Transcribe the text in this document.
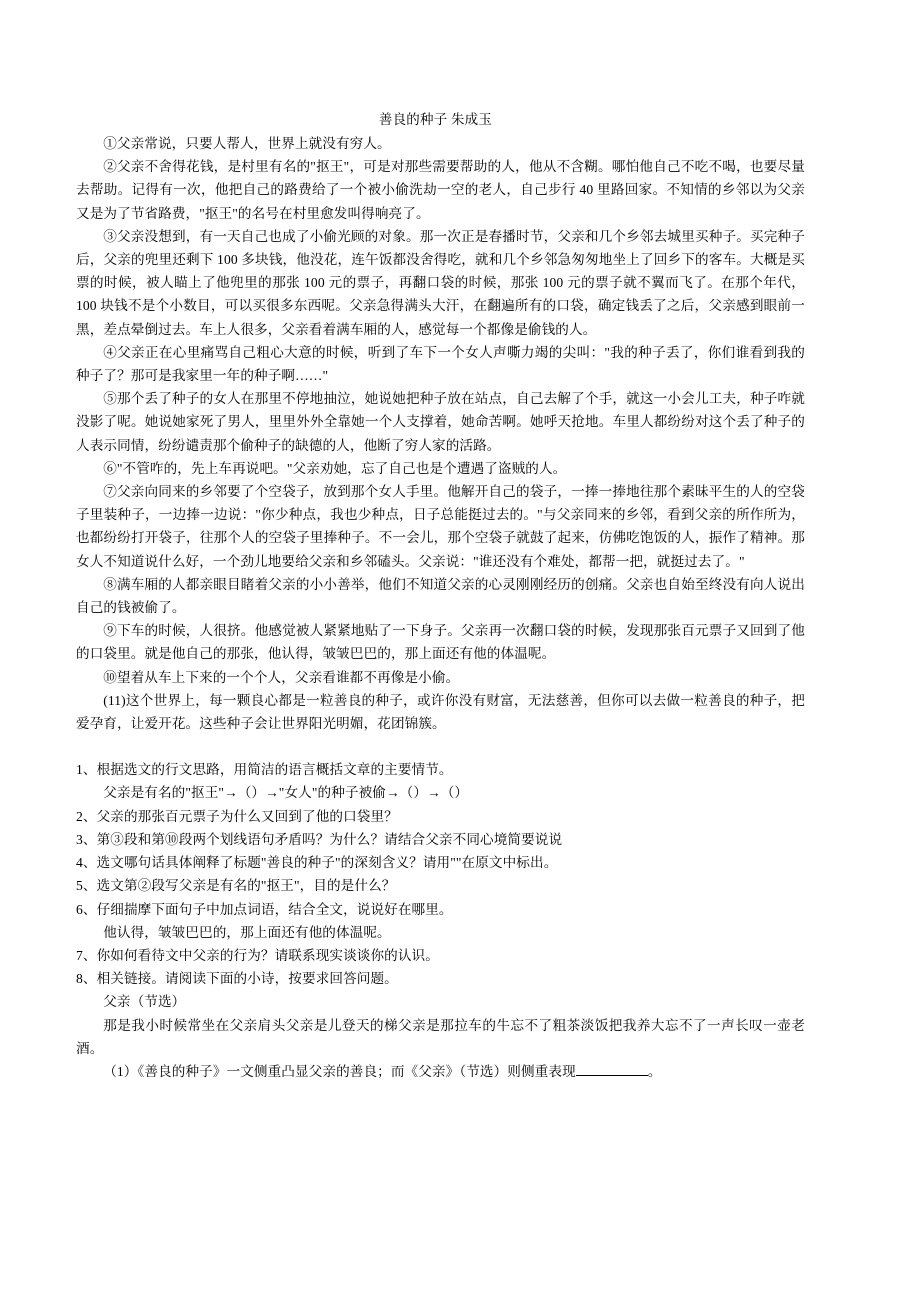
善良的种子 朱成玉

①父亲常说，只要人帮人，世界上就没有穷人。

②父亲不舍得花钱，是村里有名的"抠王"，可是对那些需要帮助的人，他从不含糊。哪怕他自己不吃不喝，也要尽量去帮助。记得有一次，他把自己的路费给了一个被小偷洗劫一空的老人，自己步行 40 里路回家。不知情的乡邻以为父亲又是为了节省路费，"抠王"的名号在村里愈发叫得响亮了。

③父亲没想到，有一天自己也成了小偷光顾的对象。那一次正是春播时节，父亲和几个乡邻去城里买种子。买完种子后，父亲的兜里还剩下 100 多块钱，他没花，连午饭都没舍得吃，就和几个乡邻急匆匆地坐上了回乡下的客车。大概是买票的时候，被人瞄上了他兜里的那张 100 元的票子，再翻口袋的时候，那张 100 元的票子就不翼而飞了。在那个年代，100 块钱不是个小数目，可以买很多东西呢。父亲急得满头大汗，在翻遍所有的口袋，确定钱丢了之后，父亲感到眼前一黑，差点晕倒过去。车上人很多，父亲看着满车厢的人，感觉每一个都像是偷钱的人。

④父亲正在心里痛骂自己粗心大意的时候，听到了车下一个女人声嘶力竭的尖叫："我的种子丢了，你们谁看到我的种子了？那可是我家里一年的种子啊……"

⑤那个丢了种子的女人在那里不停地抽泣，她说她把种子放在站点，自己去解了个手，就这一小会儿工夫，种子咋就没影了呢。她说她家死了男人，里里外外全靠她一个人支撑着，她命苦啊。她呼天抢地。车里人都纷纷对这个丢了种子的人表示同情，纷纷谴责那个偷种子的缺德的人，他断了穷人家的活路。

⑥"不管咋的，先上车再说吧。"父亲劝她，忘了自己也是个遭遇了盗贼的人。

⑦父亲向同来的乡邻要了个空袋子，放到那个女人手里。他解开自己的袋子，一捧一捧地往那个素昧平生的人的空袋子里装种子，一边捧一边说："你少种点，我也少种点，日子总能挺过去的。"与父亲同来的乡邻，看到父亲的所作所为，也都纷纷打开袋子，往那个人的空袋子里捧种子。不一会儿，那个空袋子就鼓了起来，仿佛吃饱饭的人，振作了精神。那女人不知道说什么好，一个劲儿地要给父亲和乡邻磕头。父亲说："谁还没有个难处，都帮一把，就挺过去了。"

⑧满车厢的人都亲眼目睹着父亲的小小善举，他们不知道父亲的心灵刚刚经历的创痛。父亲也自始至终没有向人说出自己的钱被偷了。

⑨下车的时候，人很挤。他感觉被人紧紧地贴了一下身子。父亲再一次翻口袋的时候，发现那张百元票子又回到了他的口袋里。就是他自己的那张，他认得，皱皱巴巴的，那上面还有他的体温呢。

⑩望着从车上下来的一个个人，父亲看谁都不再像是小偷。

(11)这个世界上，每一颗良心都是一粒善良的种子，或许你没有财富，无法慈善，但你可以去做一粒善良的种子，把爱孕育，让爱开花。这些种子会让世界阳光明媚，花团锦簇。

1、根据选文的行文思路，用简洁的语言概括文章的主要情节。

父亲是有名的"抠王"→（）→"女人"的种子被偷→（）→（）

2、父亲的那张百元票子为什么又回到了他的口袋里？

3、第③段和第⑩段两个划线语句矛盾吗？为什么？请结合父亲不同心境简要说说

4、选文哪句话具体阐释了标题"善良的种子"的深刻含义？请用""在原文中标出。

5、选文第②段写父亲是有名的"抠王"，目的是什么？

6、仔细揣摩下面句子中加点词语，结合全文，说说好在哪里。

他认得，皱皱巴巴的，那上面还有他的体温呢。

7、你如何看待文中父亲的行为？请联系现实谈谈你的认识。

8、相关链接。请阅读下面的小诗，按要求回答问题。

父亲（节选）

那是我小时候常坐在父亲肩头父亲是儿登天的梯父亲是那拉车的牛忘不了粗茶淡饭把我养大忘不了一声长叹一壶老酒。

（1）《善良的种子》一文侧重凸显父亲的善良；而《父亲》（节选）则侧重表现	。
